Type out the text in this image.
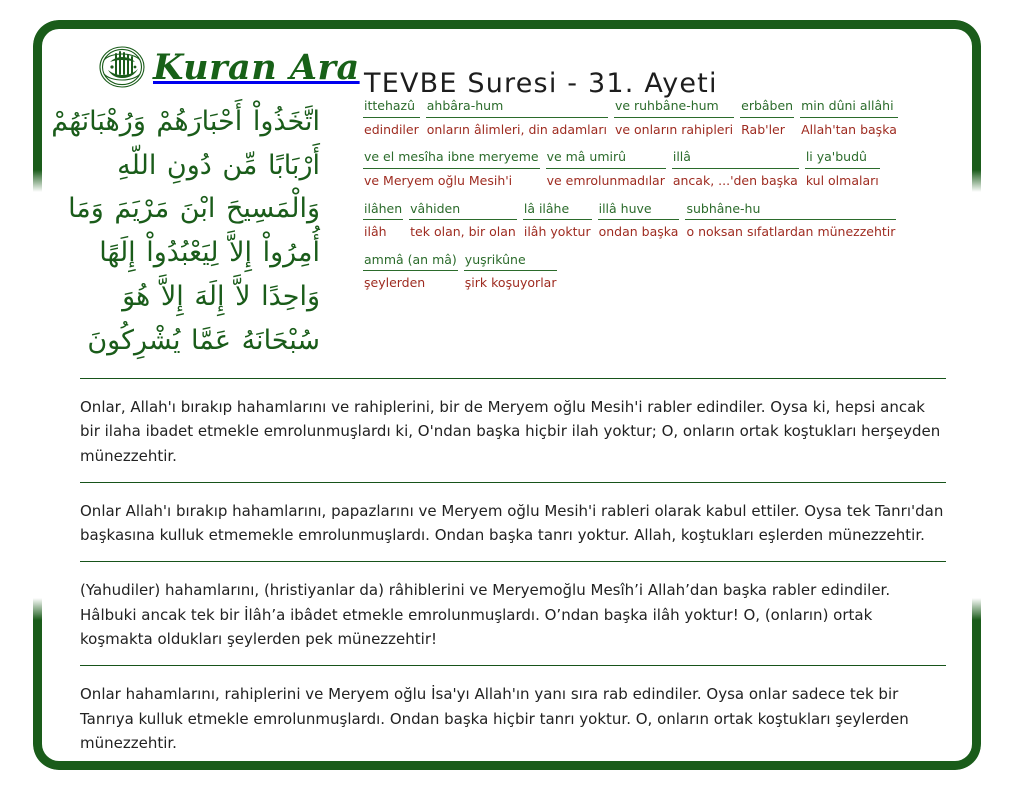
Kuran Ara TEVBE Suresi - 31. Ayeti
اتَّخَذُواْ أَحْبَارَهُمْ وَرُهْبَانَهُمْ
أَرْبَابًا مِّن دُونِ اللّهِ
وَالْمَسِيحَ ابْنَ مَرْيَمَ وَمَا
أُمِرُواْ إِلاَّ لِيَعْبُدُواْ إِلَهًا
وَاحِدًا لاَّ إِلَهَ إِلاَّ هُوَ
سُبْحَانَهُ عَمَّا يُشْرِكُونَ
ittehazû
edindiler
ahbâra-hum
onların âlimleri, din adamları
ve ruhbâne-hum
ve onların rahipleri
erbâben
Rab'ler
min dûni allâhi
Allah'tan başka
ve el mesîha ibne meryeme
ve Meryem oğlu Mesih'i
ve mâ umirû
ve emrolunmadılar
illâ
ancak, ...'den başka
li ya'budû
kul olmaları
ilâhen
ilâh
vâhiden
tek olan, bir olan
lâ ilâhe
ilâh yoktur
illâ huve
ondan başka
subhâne-hu
o noksan sıfatlardan münezzehtir
ammâ (an mâ)
şeylerden
yuşrikûne
şirk koşuyorlar

Onlar, Allah'ı bırakıp hahamlarını ve rahiplerini, bir de Meryem oğlu Mesih'i rabler edindiler. Oysa ki, hepsi ancak bir ilaha ibadet etmekle emrolunmuşlardı ki, O'ndan başka hiçbir ilah yoktur; O, onların ortak koştukları herşeyden münezzehtir.

Onlar Allah'ı bırakıp hahamlarını, papazlarını ve Meryem oğlu Mesih'i rableri olarak kabul ettiler. Oysa tek Tanrı'dan başkasına kulluk etmemekle emrolunmuşlardı. Ondan başka tanrı yoktur. Allah, koştukları eşlerden münezzehtir.

(Yahudiler) hahamlarını, (hristiyanlar da) râhiblerini ve Meryemoğlu Mesîh’i Allah’dan başka rabler edindiler. Hâlbuki ancak tek bir İlâh’a ibâdet etmekle emrolunmuşlardı. O’ndan başka ilâh yoktur! O, (onların) ortak koşmakta oldukları şeylerden pek münezzehtir!

Onlar hahamlarını, rahiplerini ve Meryem oğlu İsa'yı Allah'ın yanı sıra rab edindiler. Oysa onlar sadece tek bir Tanrıya kulluk etmekle emrolunmuşlardı. Ondan başka hiçbir tanrı yoktur. O, onların ortak koştukları şeylerden münezzehtir.
